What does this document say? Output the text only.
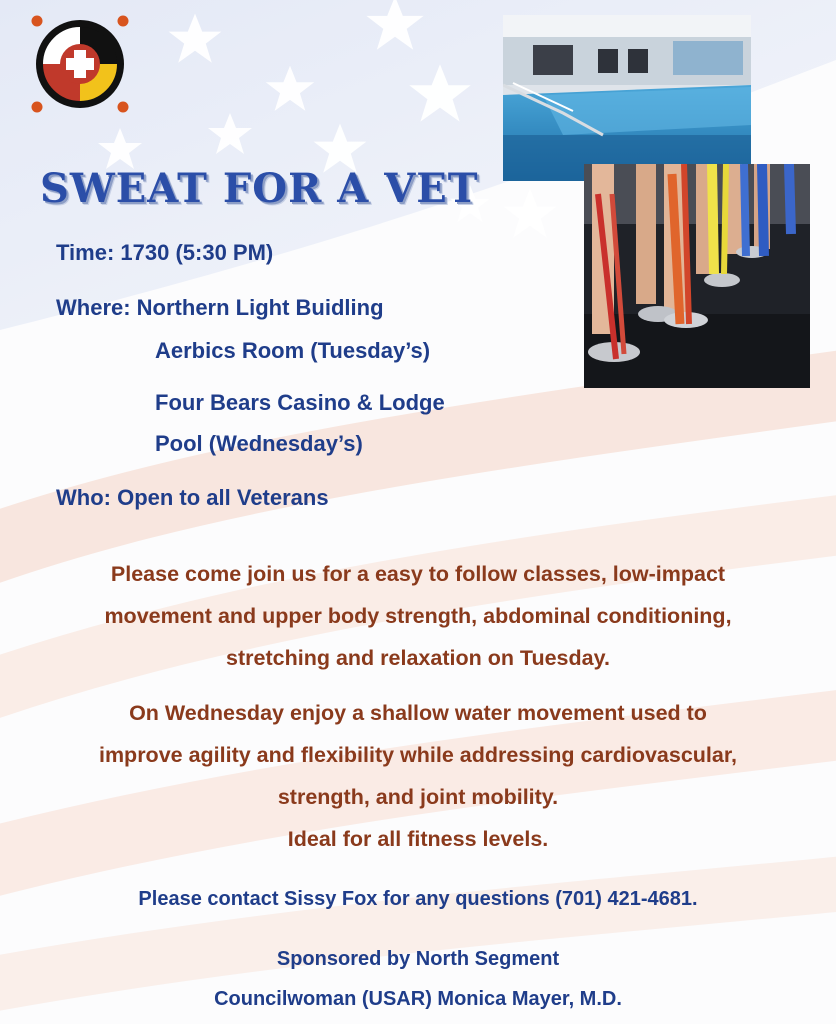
SWEAT FOR A VET
Time: 1730 (5:30 PM)
Where: Northern Light Buidling
Aerbics Room (Tuesday’s)
Four Bears Casino & Lodge
Pool (Wednesday’s)
Who: Open to all Veterans

Please come join us for a easy to follow classes, low-impact

movement and upper body strength, abdominal conditioning,

stretching and relaxation on Tuesday.

On Wednesday enjoy a shallow water movement used to

improve agility and flexibility while addressing cardiovascular,

strength, and joint mobility.

Ideal for all fitness levels.

Please contact Sissy Fox for any questions (701) 421-4681.
Sponsored by North Segment
Councilwoman (USAR) Monica Mayer, M.D.
